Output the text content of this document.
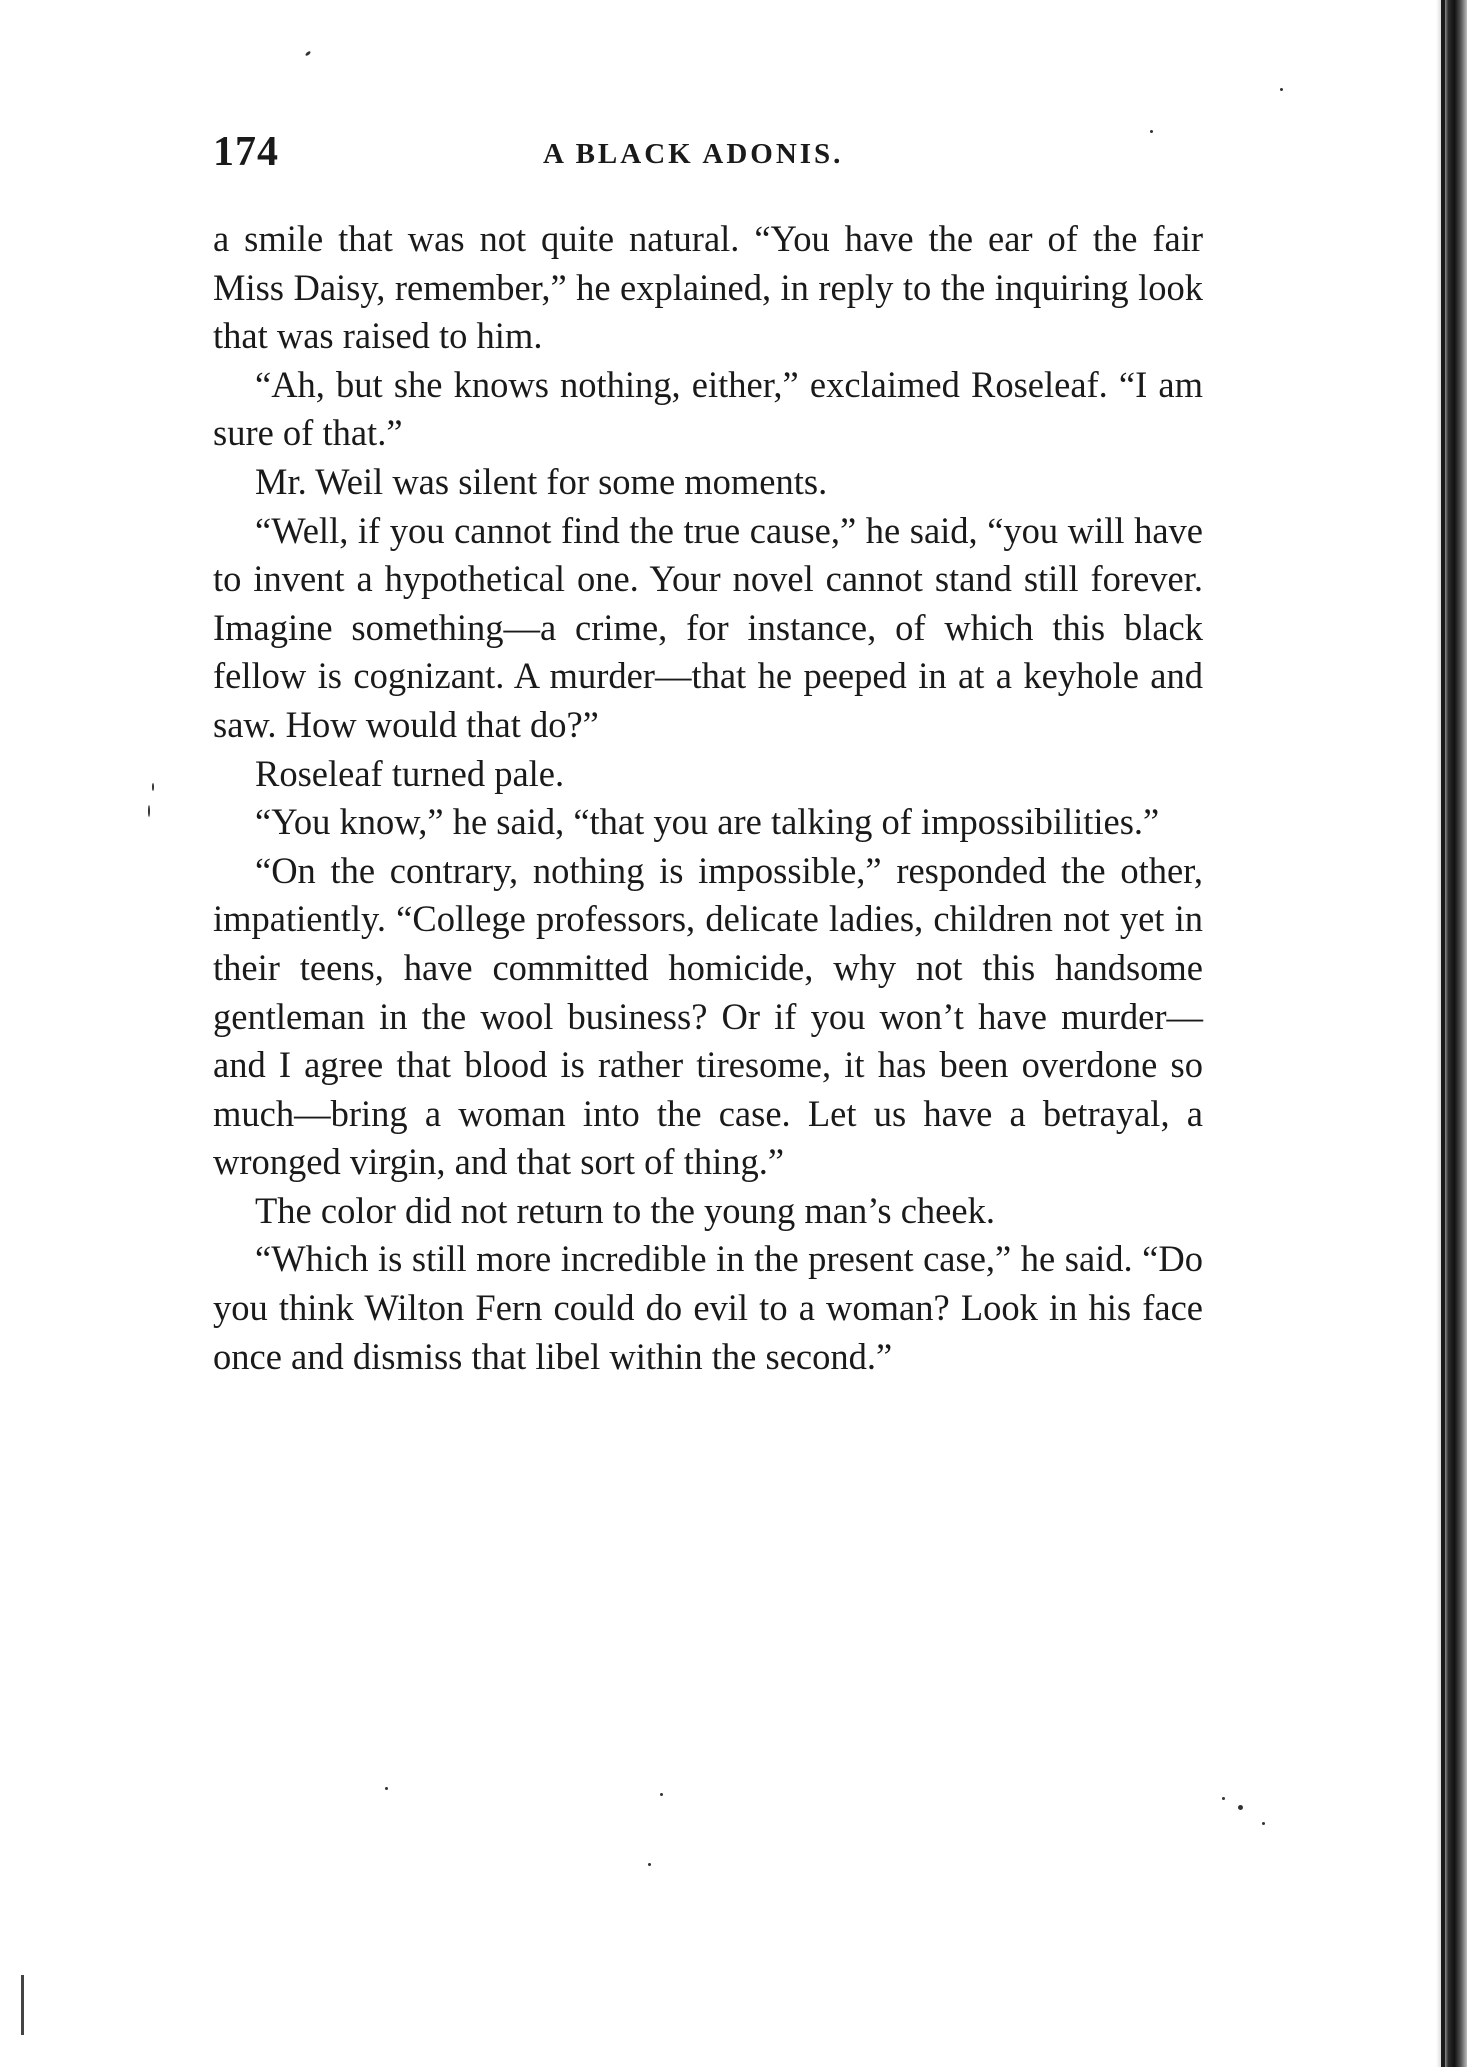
174	A BLACK ADONIS.

a smile that was not quite natural. “You have the ear of the fair Miss Daisy, remember,” he explained, in reply to the inquiring look that was raised to him.

“Ah, but she knows nothing, either,” exclaimed Roseleaf. “I am sure of that.”

Mr. Weil was silent for some moments.

“Well, if you cannot find the true cause,” he said, “you will have to invent a hypothetical one. Your novel cannot stand still forever. Imagine something—a crime, for instance, of which this black fellow is cognizant. A murder—that he peeped in at a keyhole and saw. How would that do?”

Roseleaf turned pale.

“You know,” he said, “that you are talking of impossibilities.”

“On the contrary, nothing is impossible,” responded the other, impatiently. “College professors, delicate ladies, children not yet in their teens, have committed homicide, why not this handsome gentleman in the wool business? Or if you won’t have murder—and I agree that blood is rather tiresome, it has been overdone so much—bring a woman into the case. Let us have a betrayal, a wronged virgin, and that sort of thing.”

The color did not return to the young man’s cheek.

“Which is still more incredible in the present case,” he said. “Do you think Wilton Fern could do evil to a woman? Look in his face once and dismiss that libel within the second.”
